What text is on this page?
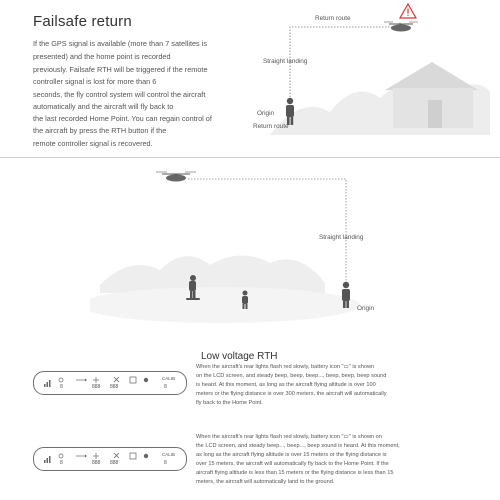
Failsafe return
If the GPS signal is available (more than 7 satellites is
presented) and the home point is recorded
previously. Failsafe RTH will be triggered if the remote
controller signal is lost for more than 6
seconds, the fly control system will control the aircraft
automatically and the aircraft will fly back to
the last recorded Home Point. You can regain control of
the aircraft by press the RTH button if the
remote controller signal is recovered.
Return route
Straight landing
Origin
Return route
Straight landing
Origin
Low voltage RTH
When the aircraft's rear lights flash red slowly, battery icon "▭" is shown
on the LCD screen, and steady beep, beep, beep..., beep, beep, beep sound
is heard. At this moment, as long as the aircraft flying altitude is over 100
meters or the flying distance is over 300 meters, the aircraft will automatically
fly back to the Home Point.
When the aircraft's rear lights flash red slowly, battery icon "▭" is shown on
the LCD screen, and steady beep..., beep..., beep sound is heard. At this moment,
as long as the aircraft flying altitude is over 15 meters or the flying distance is
over 15 meters, the aircraft will automatically fly back to the Home Point. If the
aircraft flying altitude is less than 15 meters or the flying distance is less than 15
meters, the aircraft will automatically land to the ground.
CALIB
8	888 888	8
CALIB
8	888 888	8
